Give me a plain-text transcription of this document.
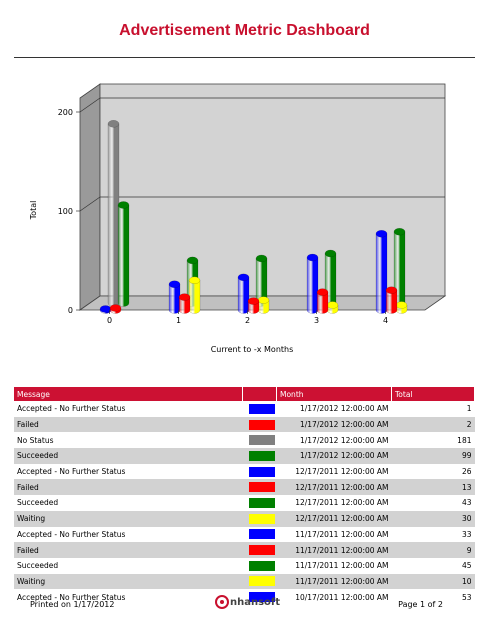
Advertisement Metric Dashboard
0
100
200
0	1	2	3	4
Total
Current to -x Months
Message		Month	Total
Accepted - No Further Status		1/17/2012 12:00:00 AM	1
Failed		1/17/2012 12:00:00 AM	2
No Status		1/17/2012 12:00:00 AM	181
Succeeded		1/17/2012 12:00:00 AM	99
Accepted - No Further Status		12/17/2011 12:00:00 AM	26
Failed		12/17/2011 12:00:00 AM	13
Succeeded		12/17/2011 12:00:00 AM	43
Waiting		12/17/2011 12:00:00 AM	30
Accepted - No Further Status		11/17/2011 12:00:00 AM	33
Failed		11/17/2011 12:00:00 AM	9
Succeeded		11/17/2011 12:00:00 AM	45
Waiting		11/17/2011 12:00:00 AM	10
Accepted - No Further Status		10/17/2011 12:00:00 AM	53
Printed on 1/17/2012	nhansoft	Page 1 of 2
